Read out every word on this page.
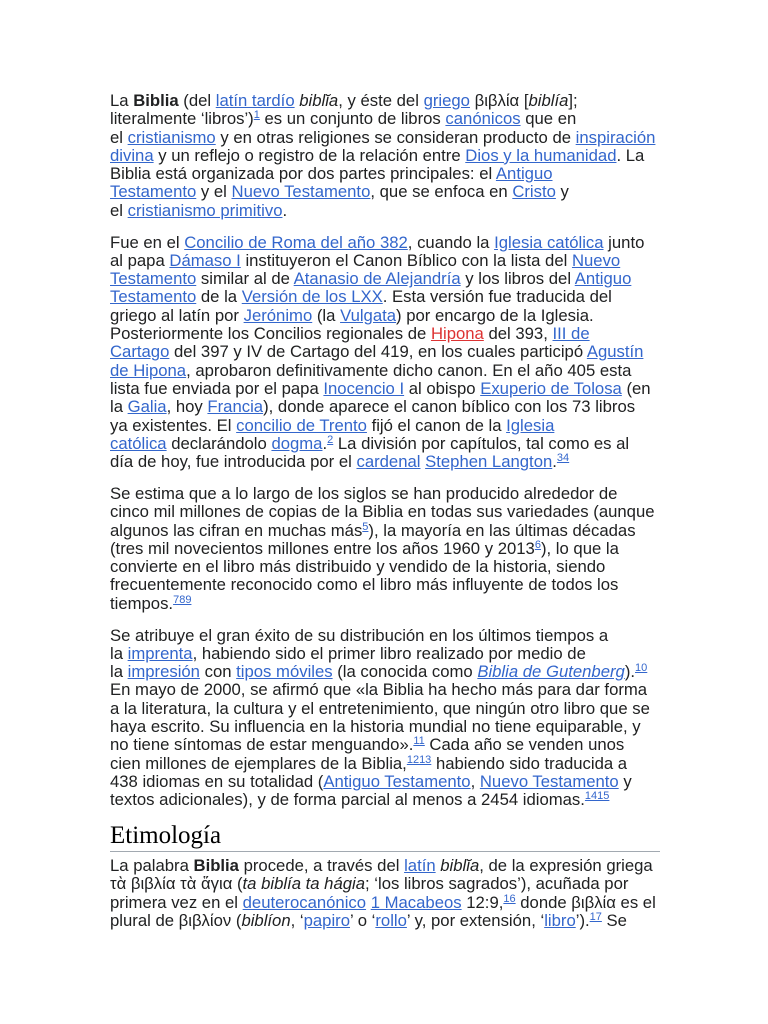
La Biblia (del latín tardío biblĭa, y éste del griego βιβλία [biblía];
literalmente ‘libros’)$^1$ es un conjunto de libros canónicos que en
el cristianismo y en otras religiones se consideran producto de inspiración
divina y un reflejo o registro de la relación entre Dios y la humanidad. La
Biblia está organizada por dos partes principales: el Antiguo
Testamento y el Nuevo Testamento, que se enfoca en Cristo y
el cristianismo primitivo.

Fue en el Concilio de Roma del año 382, cuando la Iglesia católica junto
al papa Dámaso I instituyeron el Canon Bíblico con la lista del Nuevo
Testamento similar al de Atanasio de Alejandría y los libros del Antiguo
Testamento de la Versión de los LXX. Esta versión fue traducida del
griego al latín por Jerónimo (la Vulgata) por encargo de la Iglesia.
Posteriormente los Concilios regionales de Hipona del 393, III de
Cartago del 397 y IV de Cartago del 419, en los cuales participó Agustín
de Hipona, aprobaron definitivamente dicho canon. En el año 405 esta
lista fue enviada por el papa Inocencio I al obispo Exuperio de Tolosa (en
la Galia, hoy Francia), donde aparece el canon bíblico con los 73 libros
ya existentes. El concilio de Trento fijó el canon de la Iglesia
católica declarándolo dogma.$^2$ La división por capítulos, tal como es al
día de hoy, fue introducida por el cardenal Stephen Langton.$^{34}$

Se estima que a lo largo de los siglos se han producido alrededor de
cinco mil millones de copias de la Biblia en todas sus variedades (aunque
algunos las cifran en muchas más$^5$), la mayoría en las últimas décadas
(tres mil novecientos millones entre los años 1960 y 2013$^6$), lo que la
convierte en el libro más distribuido y vendido de la historia, siendo
frecuentemente reconocido como el libro más influyente de todos los
tiempos.$^{789}$

Se atribuye el gran éxito de su distribución en los últimos tiempos a
la imprenta, habiendo sido el primer libro realizado por medio de
la impresión con tipos móviles (la conocida como Biblia de Gutenberg).$^{10}$
En mayo de 2000, se afirmó que «la Biblia ha hecho más para dar forma
a la literatura, la cultura y el entretenimiento, que ningún otro libro que se
haya escrito. Su influencia en la historia mundial no tiene equiparable, y
no tiene síntomas de estar menguando».$^{11}$ Cada año se venden unos
cien millones de ejemplares de la Biblia,$^{1213}$ habiendo sido traducida a
438 idiomas en su totalidad (Antiguo Testamento, Nuevo Testamento y
textos adicionales), y de forma parcial al menos a 2454 idiomas.$^{1415}$

Etimología

La palabra Biblia procede, a través del latín biblĭa, de la expresión griega
τὰ βιβλία τὰ ἅγια (ta biblía ta hágia; ‘los libros sagrados’), acuñada por
primera vez en el deuterocanónico 1 Macabeos 12:9,16 donde βιβλία es el
plural de βιβλίον (biblíon, ‘papiro’ o ‘rollo’ y, por extensión, ‘libro’).$^{17}$ Se
